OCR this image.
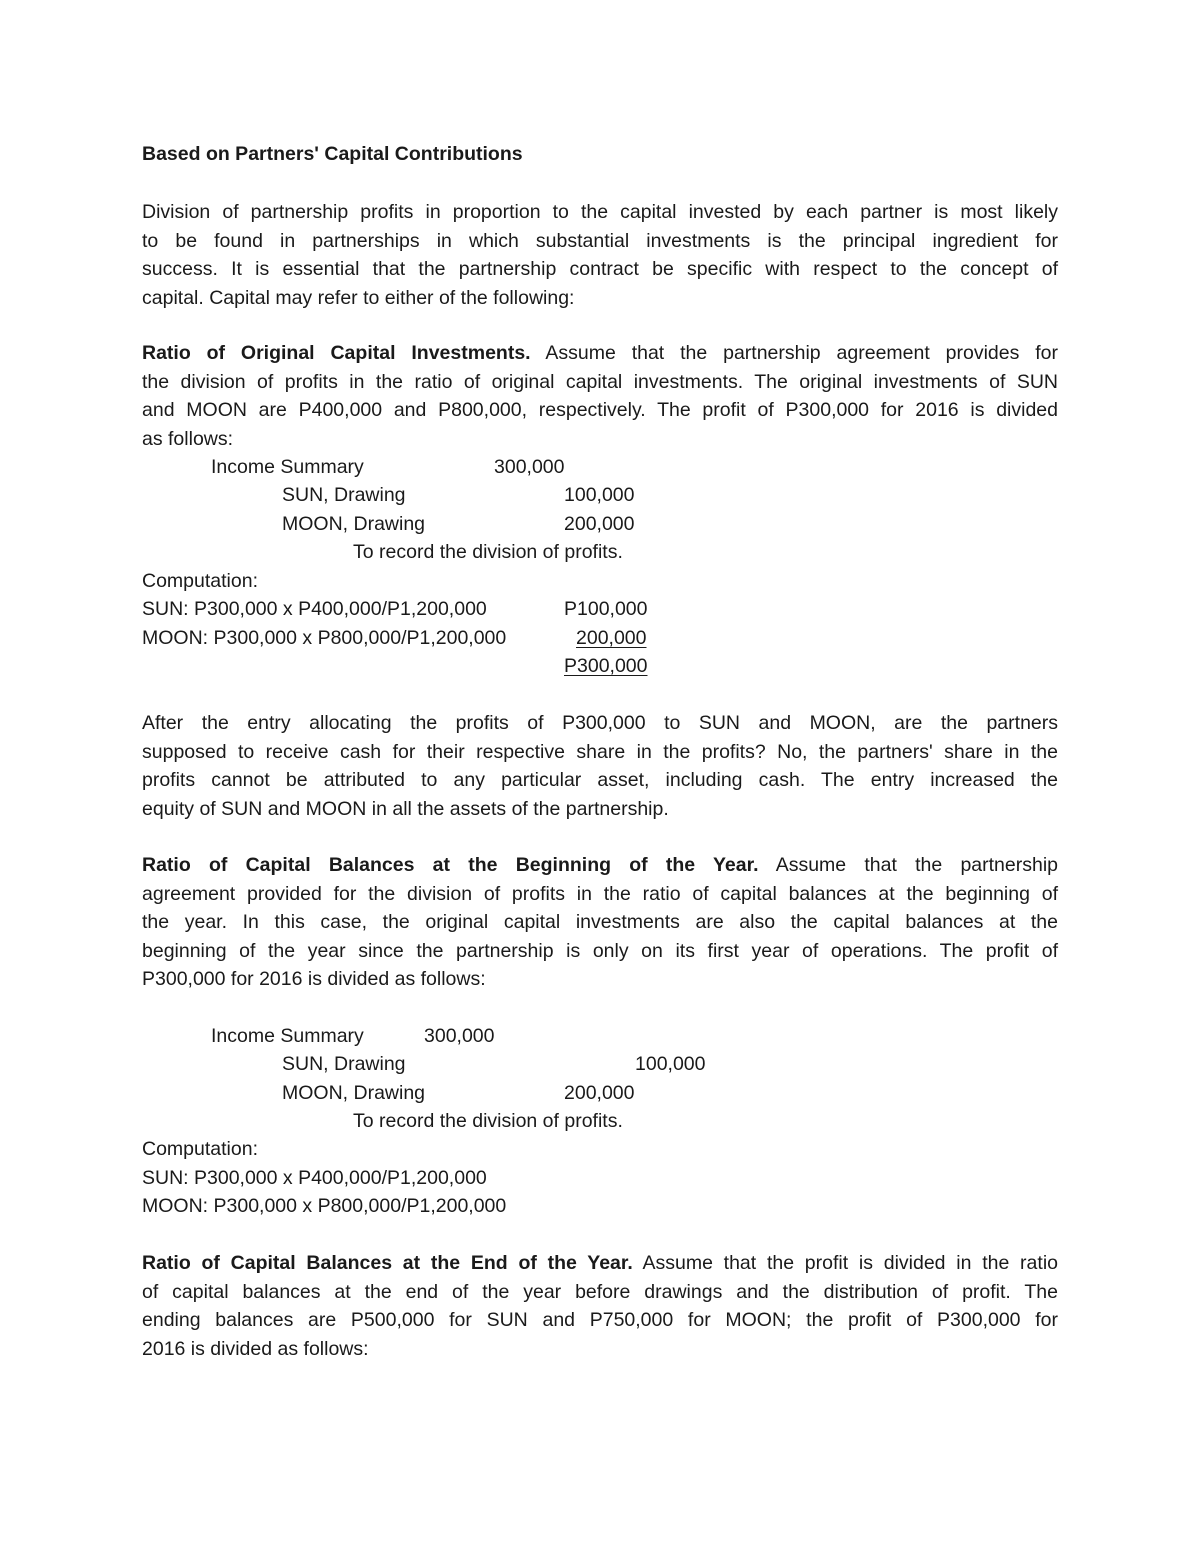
Based on Partners' Capital Contributions
Division of partnership profits in proportion to the capital invested by each partner is most likely
to be found in partnerships in which substantial investments is the principal ingredient for
success. It is essential that the partnership contract be specific with respect to the concept of
capital. Capital may refer to either of the following:
Ratio of Original Capital Investments. Assume that the partnership agreement provides for
the division of profits in the ratio of original capital investments. The original investments of SUN
and MOON are P400,000 and P800,000, respectively. The profit of P300,000 for 2016 is divided
as follows:
Income Summary	300,000
SUN, Drawing	100,000
MOON, Drawing	200,000
To record the division of profits.
Computation:
SUN: P300,000 x P400,000/P1,200,000	P100,000
MOON: P300,000 x P800,000/P1,200,000	200,000
P300,000
After the entry allocating the profits of P300,000 to SUN and MOON, are the partners
supposed to receive cash for their respective share in the profits? No, the partners' share in the
profits cannot be attributed to any particular asset, including cash. The entry increased the
equity of SUN and MOON in all the assets of the partnership.
Ratio of Capital Balances at the Beginning of the Year. Assume that the partnership
agreement provided for the division of profits in the ratio of capital balances at the beginning of
the year. In this case, the original capital investments are also the capital balances at the
beginning of the year since the partnership is only on its first year of operations. The profit of
P300,000 for 2016 is divided as follows:
Income Summary	300,000
SUN, Drawing	100,000
MOON, Drawing	200,000
To record the division of profits.
Computation:
SUN: P300,000 x P400,000/P1,200,000
MOON: P300,000 x P800,000/P1,200,000
Ratio of Capital Balances at the End of the Year. Assume that the profit is divided in the ratio
of capital balances at the end of the year before drawings and the distribution of profit. The
ending balances are P500,000 for SUN and P750,000 for MOON; the profit of P300,000 for
2016 is divided as follows:
